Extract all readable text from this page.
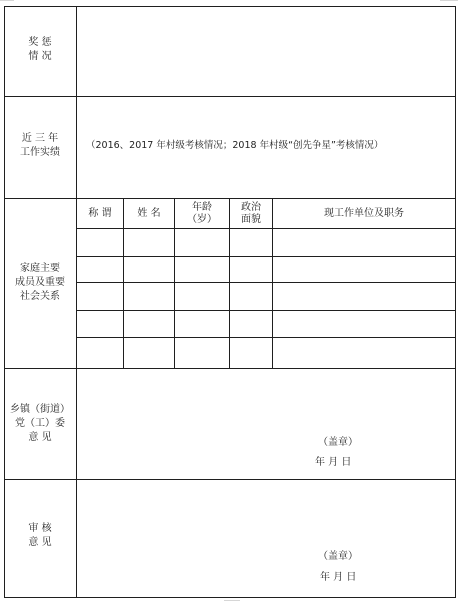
奖 惩
情 况
近 三 年
工作实绩
（2016、2017 年村级考核情况；2018 年村级“创先争星”考核情况）
家庭主要
成员及重要
社会关系
称 谓	姓 名
年龄
（岁）
政治
面貌
现工作单位及职务
乡镇（街道）
党（工）委
意 见	（盖章）
年 月 日
审 核
意 见
（盖章）
年 月 日
